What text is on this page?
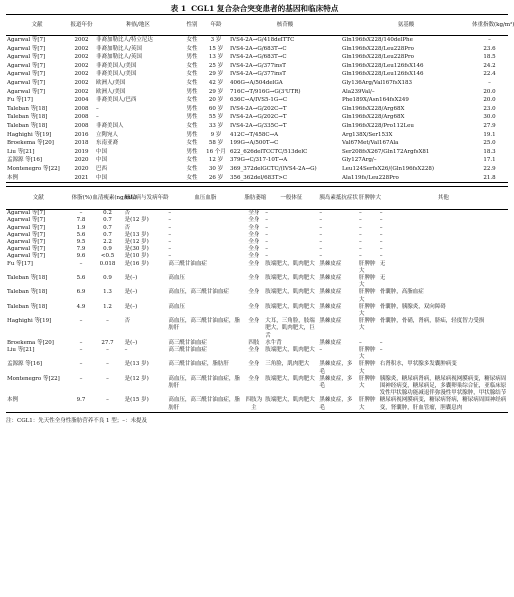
表 1 CGL1 复合杂合突变患者的基因和临床特点
文献	报道年份	种族/地区	性别	年龄	核苷酸	氨基酸	体重指数(kg/m²)
Agarwal 等[7]	2002	非裔加勒比人/特立尼达	女性	3 岁	IVS4-2A→G/418delTTC	Gln196fsX228/140delPhe	–
Agarwal 等[7]	2002	非裔加勒比人/英国	女性	15 岁	IVS4-2A→G/683T→C	Gln196fsX228/Leu228Pro	23.6
Agarwal 等[7]	2002	非裔加勒比人/英国	男性	13 岁	IVS4-2A→G/683T→C	Gln196fsX228/Leu228Pro	18.5
Agarwal 等[7]	2002	非裔美国人/美国	女性	25 岁	IVS4-2A→G/377insT	Gln196fsX228/Leu126fsX146	24.2
Agarwal 等[7]	2002	非裔美国人/美国	女性	29 岁	IVS4-2A→G/377insT	Gln196fsX228/Leu126fsX146	22.4
Agarwal 等[7]	2002	欧洲人/美国	女性	42 岁	406G→A/504delGA	Gly136Arg/Val167fsX183	–
Agarwal 等[7]	2002	欧洲人/美国	男性	29 岁	716C→T/916G→G(3'UTR)	Ala239Val/–	20.0
Fu 等[17]	2004	非裔美国人/巴西	女性	20 岁	636C→A/IVS5-1G→C	Phe189X/Asn164fsX249	20.0
Taleban 等[18]	2008	–	男性	60 岁	IVS4-2A→G/202C→T	Gln196fsX228/Arg68X	23.0
Taleban 等[18]	2008	–	男性	55 岁	IVS4-2A→G/202C→T	Gln196fsX228/Arg68X	30.0
Taleban 等[18]	2008	非裔美国人	女性	33 岁	IVS4-2A→G/335C→T	Gln196fsX228/Pro112Leu	27.9
Haghighi 等[19]	2016	立陶宛人	男性	9 岁	412C→T/458C→A	Arg138X/Ser153X	19.1
Broekema 等[20]	2018	东南亚裔	女性	58 岁	199G→A/500T→C	Val67Met/Val167Ala	25.0
Liu 等[21]	2019	中国	男性	16 个月	622_626delTCCTC/513delC	Ser208fsX267/Gln172ArgfsX81	18.3
孟源源 等[16]	2020	中国	女性	12 岁	379G→C/317-10T→A	Gly127Arg/–	17.1
Montenegro 等[22]	2020	巴西	女性	30 岁	369_372delGCTC/(IVS4-2A→G)	Leu124SerfsX26/(Gln196fsX228)	22.9
本例	2021	中国	女性	26 岁	356_362del/683T>C	Ala119fs/Leu228Pro	21.8
文献	体脂(%)	血清瘦素(ng/mL)	糖尿病与发病年龄	血压血脂	脂肪萎缩	一般体征	胰岛素抵抗症状	肝脾肿大	其他
Agarwal 等[7]	–	0.2	否	–	全身	–	–	–	–
Agarwal 等[7]	7.8	0.7	是(12 岁)	–	全身	–	–	–	–
Agarwal 等[7]	1.9	0.7	否	–	全身	–	–	–	–
Agarwal 等[7]	5.6	0.7	是(13 岁)	–	全身	–	–	–	–
Agarwal 等[7]	9.5	2.2	是(12 岁)	–	全身	–	–	–	–
Agarwal 等[7]	7.9	0.9	是(30 岁)	–	全身	–	–	–	–
Agarwal 等[7]	9.6	<0.5	是(10 岁)	–	全身	–	–	–	–
Fu 等[17]	–	0.018	是(16 岁)	高三酰甘油血症	全身	肢端肥大，肌肉肥大	黑棘皮症	肝脾肿大	无
Taleban 等[18]	5.6	0.9	是(–)	高血压	全身	肢端肥大，肌肉肥大	黑棘皮症	肝脾肿大	无
Taleban 等[18]	6.9	1.3	是(–)	高血压，高三酰甘油血症	全身	肢端肥大，肌肉肥大	黑棘皮症	肝脾肿大	骨囊肿，高脂血症
Taleban 等[18]	4.9	1.2	是(–)	高血压	全身	肢端肥大，肌肉肥大	黑棘皮症	肝脾肿大	骨囊肿，胰腺炎，双向障碍
Haghighi 等[19]	–	–	否	高血压，高三酰甘油血症，脂肪肝	全身	大耳，三角脸，肢端肥大，肌肉肥大，巨舌	黑棘皮症	肝脾肿大	骨囊肿，骨硝，肾病，脐疝，轻度智力受损
Broekema 等[20]	–	27.7	是(–)	高三酰甘油血症	四肢	水牛背	黑棘皮症	–	–
Liu 等[21]	–	–	–	高三酰甘油血症	全身	肢端肥大，肌肉肥大	–	肝脾肿大	–
孟源源 等[16]	–	–	是(13 岁)	高三酰甘油血症，脂肪肝	全身	三角脸，肌肉肥大	黑棘皮症，多毛	肝脾肿大	右肾积水，甲状腺多发囊肿病变
Montenegro 等[22]	–	–	是(12 岁)	高血压，高三酰甘油血症，脂肪肝	全身	肢端肥大，肌肉肥大	黑棘皮症，多毛	肝脾肿大	胰腺炎，糖尿病肾病，糖尿病视网膜病变，糖尿病周围神经病变，糖尿病足，多囊卵巢综合征，亚临床原发性甲状腺功能减退伴弥漫性甲状腺肿，甲状腺结节
本例	9.7	–	是(15 岁)	高血压，高三酰甘油血症，脂肪肝	四肢为主	肢端肥大，肌肉肥大	黑棘皮症，多毛	肝脾肿大	糖尿病视网膜病变，糖尿病肾病，糖尿病周围神经病变，肾囊肿，肝血管瘤，胆囊息肉
注：CGL1：先天性全身性脂肪营养不良 1 型；–：未提及
